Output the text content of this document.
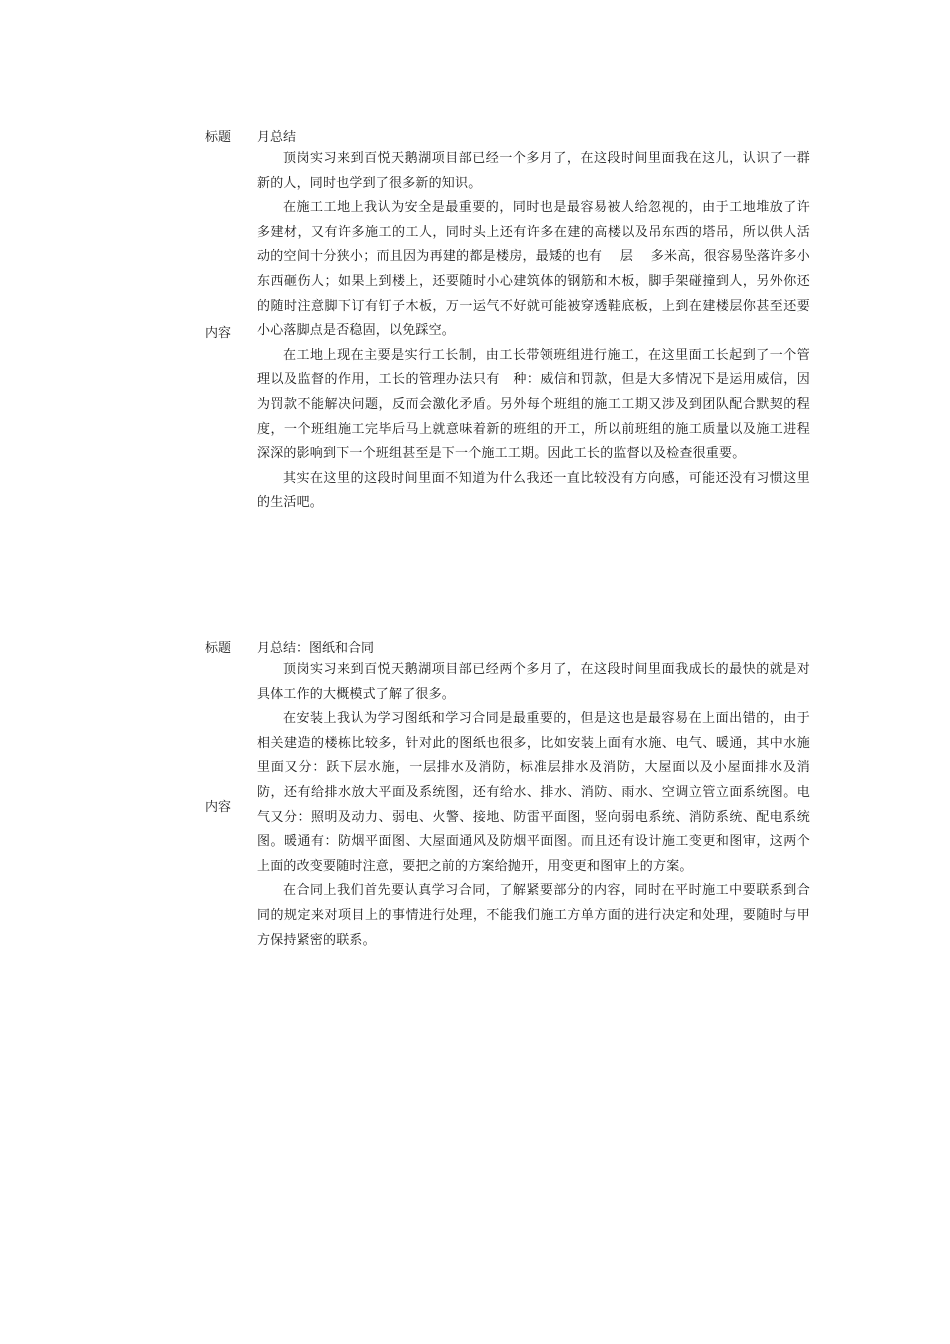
标题	月总结
内容

顶岗实习来到百悦天鹅湖项目部已经一个多月了，在这段时间里面我在这儿，认识了一群新的人，同时也学到了很多新的知识。

在施工工地上我认为安全是最重要的，同时也是最容易被人给忽视的，由于工地堆放了许多建材，又有许多施工的工人，同时头上还有许多在建的高楼以及吊东西的塔吊，所以供人活动的空间十分狭小；而且因为再建的都是楼房，最矮的也有　 层　 多米高，很容易坠落许多小东西砸伤人；如果上到楼上，还要随时小心建筑体的钢筋和木板，脚手架碰撞到人，另外你还的随时注意脚下订有钉子木板，万一运气不好就可能被穿透鞋底板，上到在建楼层你甚至还要小心落脚点是否稳固，以免踩空。

在工地上现在主要是实行工长制，由工长带领班组进行施工，在这里面工长起到了一个管理以及监督的作用，工长的管理办法只有　种：威信和罚款，但是大多情况下是运用威信，因为罚款不能解决问题，反而会激化矛盾。另外每个班组的施工工期又涉及到团队配合默契的程度，一个班组施工完毕后马上就意味着新的班组的开工，所以前班组的施工质量以及施工进程深深的影响到下一个班组甚至是下一个施工工期。因此工长的监督以及检查很重要。

其实在这里的这段时间里面不知道为什么我还一直比较没有方向感，可能还没有习惯这里的生活吧。

标题	月总结：图纸和合同
内容

顶岗实习来到百悦天鹅湖项目部已经两个多月了，在这段时间里面我成长的最快的就是对具体工作的大概模式了解了很多。

在安装上我认为学习图纸和学习合同是最重要的，但是这也是最容易在上面出错的，由于相关建造的楼栋比较多，针对此的图纸也很多，比如安装上面有水施、电气、暖通，其中水施里面又分：跃下层水施，一层排水及消防，标准层排水及消防，大屋面以及小屋面排水及消防，还有给排水放大平面及系统图，还有给水、排水、消防、雨水、空调立管立面系统图。电气又分：照明及动力、弱电、火警、接地、防雷平面图，竖向弱电系统、消防系统、配电系统图。暖通有：防烟平面图、大屋面通风及防烟平面图。而且还有设计施工变更和图审，这两个上面的改变要随时注意，要把之前的方案给抛开，用变更和图审上的方案。

在合同上我们首先要认真学习合同，了解紧要部分的内容，同时在平时施工中要联系到合同的规定来对项目上的事情进行处理，不能我们施工方单方面的进行决定和处理，要随时与甲方保持紧密的联系。
